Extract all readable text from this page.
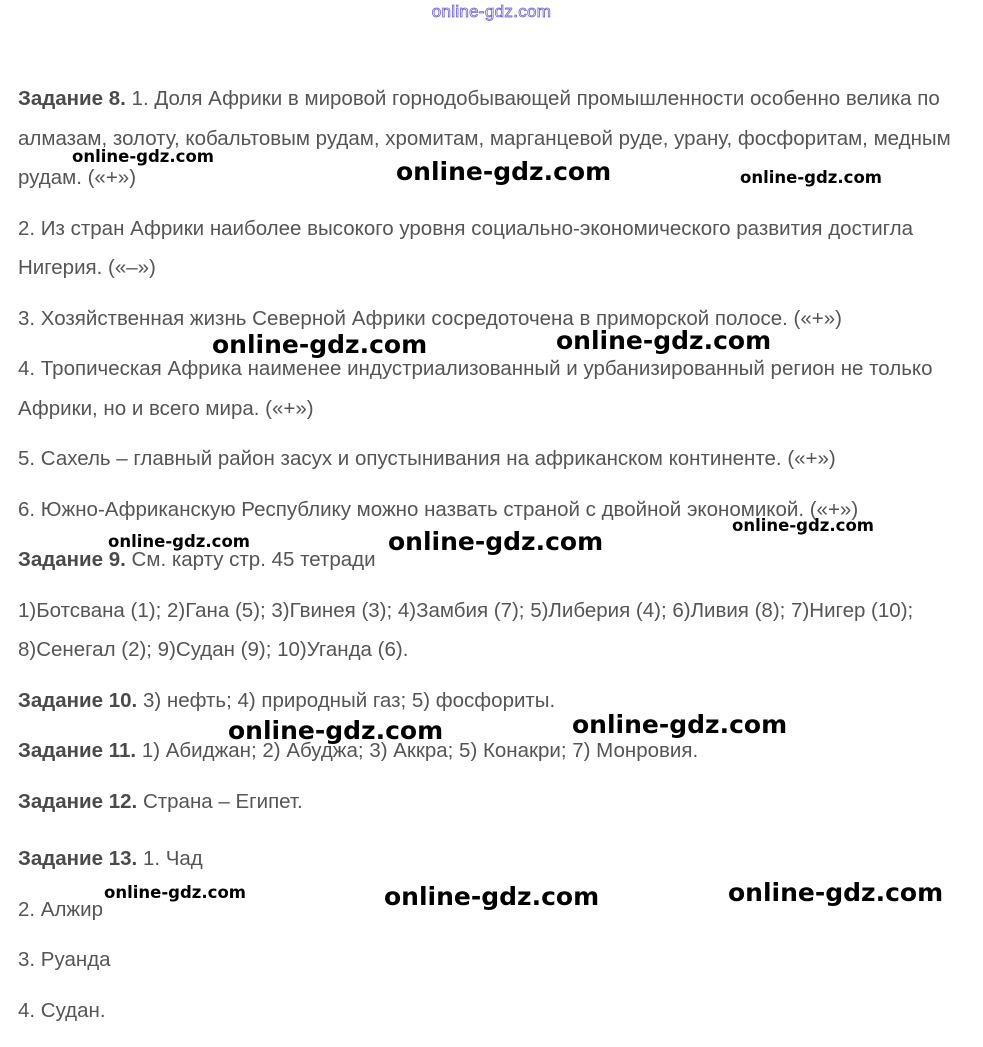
online-gdz.com

Задание 8. 1. Доля Африки в мировой горнодобывающей промышленности особенно велика по алмазам, золоту, кобальтовым рудам, хромитам, марганцевой руде, урану, фосфоритам, медным рудам. («+»)

2. Из стран Африки наиболее высокого уровня социально-экономического развития достигла Нигерия. («–»)

3. Хозяйственная жизнь Северной Африки сосредоточена в приморской полосе. («+»)

4. Тропическая Африка наименее индустриализованный и урбанизированный регион не только Африки, но и всего мира. («+»)

5. Сахель – главный район засух и опустынивания на африканском континенте. («+»)

6. Южно-Африканскую Республику можно назвать страной с двойной экономикой. («+»)

Задание 9. См. карту стр. 45 тетради

1)Ботсвана (1); 2)Гана (5); 3)Гвинея (3); 4)Замбия (7); 5)Либерия (4); 6)Ливия (8); 7)Нигер (10); 8)Сенегал (2); 9)Судан (9); 10)Уганда (6).

Задание 10. 3) нефть; 4) природный газ; 5) фосфориты.

Задание 11. 1) Абиджан; 2) Абуджа; 3) Аккра; 5) Конакри; 7) Монровия.

Задание 12. Страна – Египет.

Задание 13. 1. Чад

2. Алжир

3. Руанда

4. Судан.

online-gdz.com
online-gdz.com	online-gdz.com
online-gdz.com	online-gdz.com
online-gdz.com
online-gdz.com	online-gdz.com
online-gdz.com	online-gdz.com
online-gdz.com	online-gdz.com	online-gdz.com
